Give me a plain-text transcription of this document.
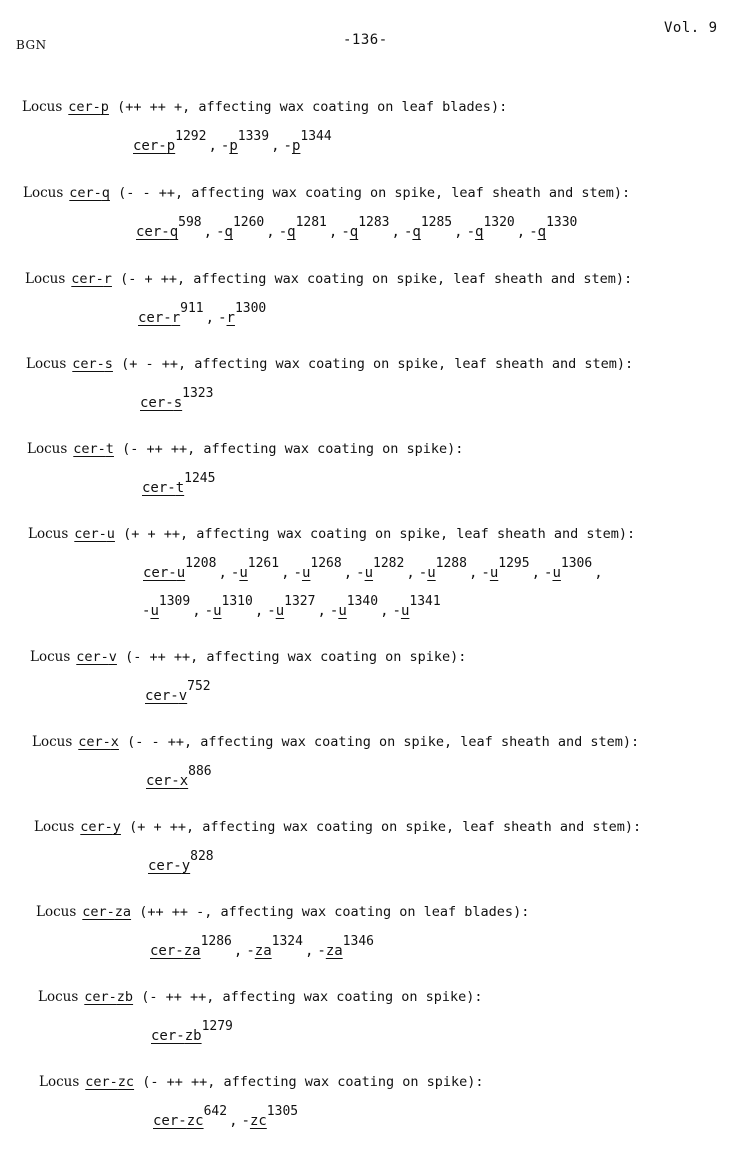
BGN	-136-
Vol. 9
Locus cer-p (++ ++ +, affecting wax coating on leaf blades):
cer-$p^{1292}$, $-p^{1339}$, $-p^{1344}$
Locus cer-q (- - ++, affecting wax coating on spike, leaf sheath and stem):
cer-$q^{598}$, $-q^{1260}$, $-q^{1281}$, $-q^{1283}$, $-q^{1285}$, $-q^{1320}$, $-q^{1330}$
Locus cer-r (- + ++, affecting wax coating on spike, leaf sheath and stem):
cer-$r^{911}$, $-r^{1300}$
Locus cer-s (+ - ++, affecting wax coating on spike, leaf sheath and stem):
cer-$s^{1323}$
Locus cer-t (- ++ ++, affecting wax coating on spike):
cer-$t^{1245}$
Locus cer-u (+ + ++, affecting wax coating on spike, leaf sheath and stem):
cer-$u^{1208}$, $-u^{1261}$, $-u^{1268}$, $-u^{1282}$, $-u^{1288}$, $-u^{1295}$, $-u^{1306}$,
$-u^{1309}$, $-u^{1310}$, $-u^{1327}$, $-u^{1340}$, $-u^{1341}$
Locus cer-v (- ++ ++, affecting wax coating on spike):
cer-$v^{752}$
Locus cer-x (- - ++, affecting wax coating on spike, leaf sheath and stem):
cer-$x^{886}$
Locus cer-y (+ + ++, affecting wax coating on spike, leaf sheath and stem):
cer-$y^{828}$
Locus cer-za (++ ++ -, affecting wax coating on leaf blades):
cer-$za^{1286}$, $-za^{1324}$, $-za^{1346}$
Locus cer-zb (- ++ ++, affecting wax coating on spike):
cer-$zb^{1279}$
Locus cer-zc (- ++ ++, affecting wax coating on spike):
cer-$zc^{642}$, $-zc^{1305}$
